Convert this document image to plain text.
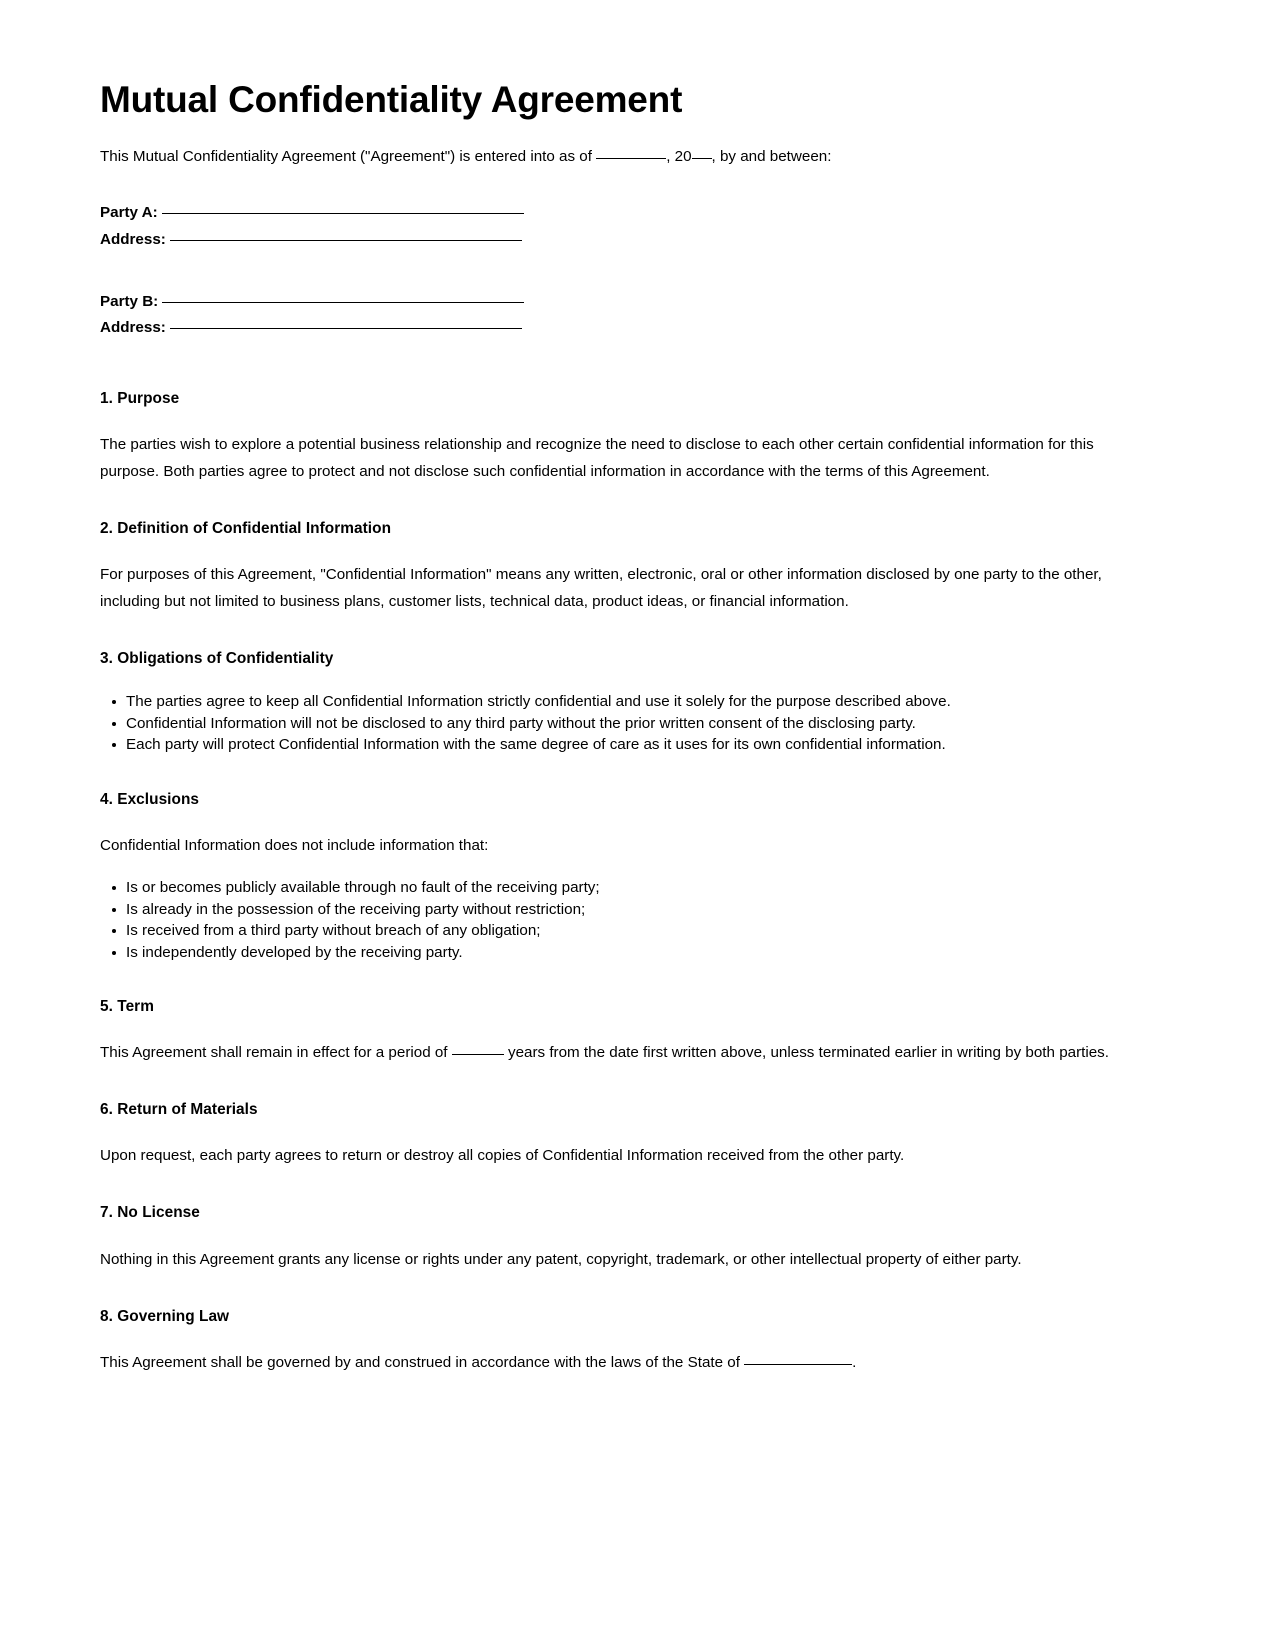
Mutual Confidentiality Agreement

This Mutual Confidentiality Agreement ("Agreement") is entered into as of	, 20 , by and between:

Party A:
Address:
Party B:
Address:
1. Purpose

The parties wish to explore a potential business relationship and recognize the need to disclose to each other certain confidential information for this purpose. Both parties agree to protect and not disclose such confidential information in accordance with the terms of this Agreement.

2. Definition of Confidential Information

For purposes of this Agreement, "Confidential Information" means any written, electronic, oral or other information disclosed by one party to the other, including but not limited to business plans, customer lists, technical data, product ideas, or financial information.

3. Obligations of Confidentiality
The parties agree to keep all Confidential Information strictly confidential and use it solely for the purpose described above.
Confidential Information will not be disclosed to any third party without the prior written consent of the disclosing party.
Each party will protect Confidential Information with the same degree of care as it uses for its own confidential information.
4. Exclusions

Confidential Information does not include information that:

Is or becomes publicly available through no fault of the receiving party;
Is already in the possession of the receiving party without restriction;
Is received from a third party without breach of any obligation;
Is independently developed by the receiving party.
5. Term

This Agreement shall remain in effect for a period of	years from the date first written above, unless terminated earlier in writing by both parties.

6. Return of Materials

Upon request, each party agrees to return or destroy all copies of Confidential Information received from the other party.

7. No License

Nothing in this Agreement grants any license or rights under any patent, copyright, trademark, or other intellectual property of either party.

8. Governing Law

This Agreement shall be governed by and construed in accordance with the laws of the State of	.
